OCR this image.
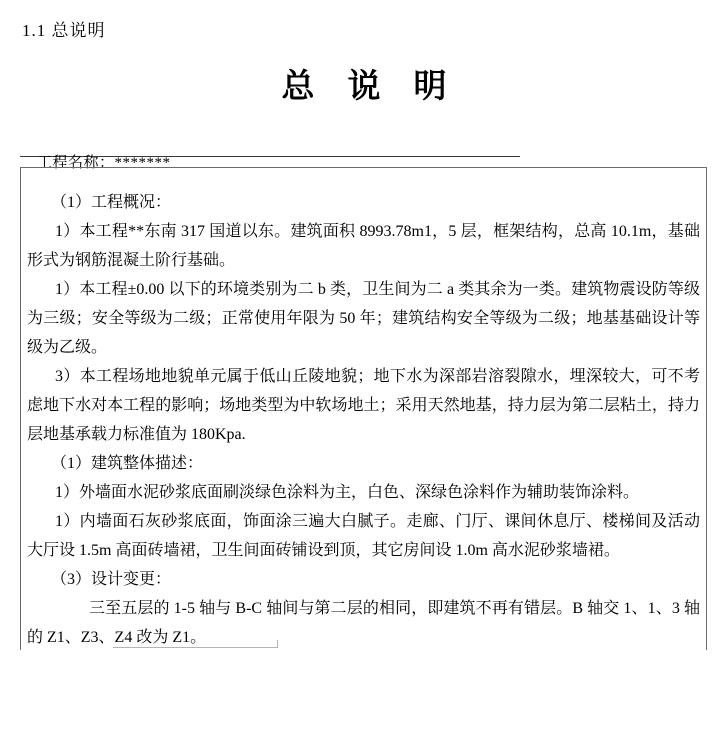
1.1 总说明
总　说　明

工程名称：*******

（1）工程概况：

1）本工程**东南 317 国道以东。建筑面积 8993.78m1，5 层，框架结构，总高 10.1m，基础形式为钢筋混凝土阶行基础。

1）本工程±0.00 以下的环境类别为二 b 类，卫生间为二 a 类其余为一类。建筑物震设防等级为三级；安全等级为二级；正常使用年限为 50 年；建筑结构安全等级为二级；地基基础设计等级为乙级。

3）本工程场地地貌单元属于低山丘陵地貌；地下水为深部岩溶裂隙水，埋深较大，可不考虑地下水对本工程的影响；场地类型为中软场地土；采用天然地基，持力层为第二层粘土，持力层地基承载力标准值为 180Kpa.

（1）建筑整体描述：

1）外墙面水泥砂浆底面刷淡绿色涂料为主，白色、深绿色涂料作为辅助装饰涂料。

1）内墙面石灰砂浆底面，饰面涂三遍大白腻子。走廊、门厅、课间休息厅、楼梯间及活动大厅设 1.5m 高面砖墙裙，卫生间面砖铺设到顶，其它房间设 1.0m 高水泥砂浆墙裙。

（3）设计变更：

三至五层的 1-5 轴与 B-C 轴间与第二层的相同，即建筑不再有错层。B 轴交 1、1、3 轴的 Z1、Z3、Z4 改为 Z1。
